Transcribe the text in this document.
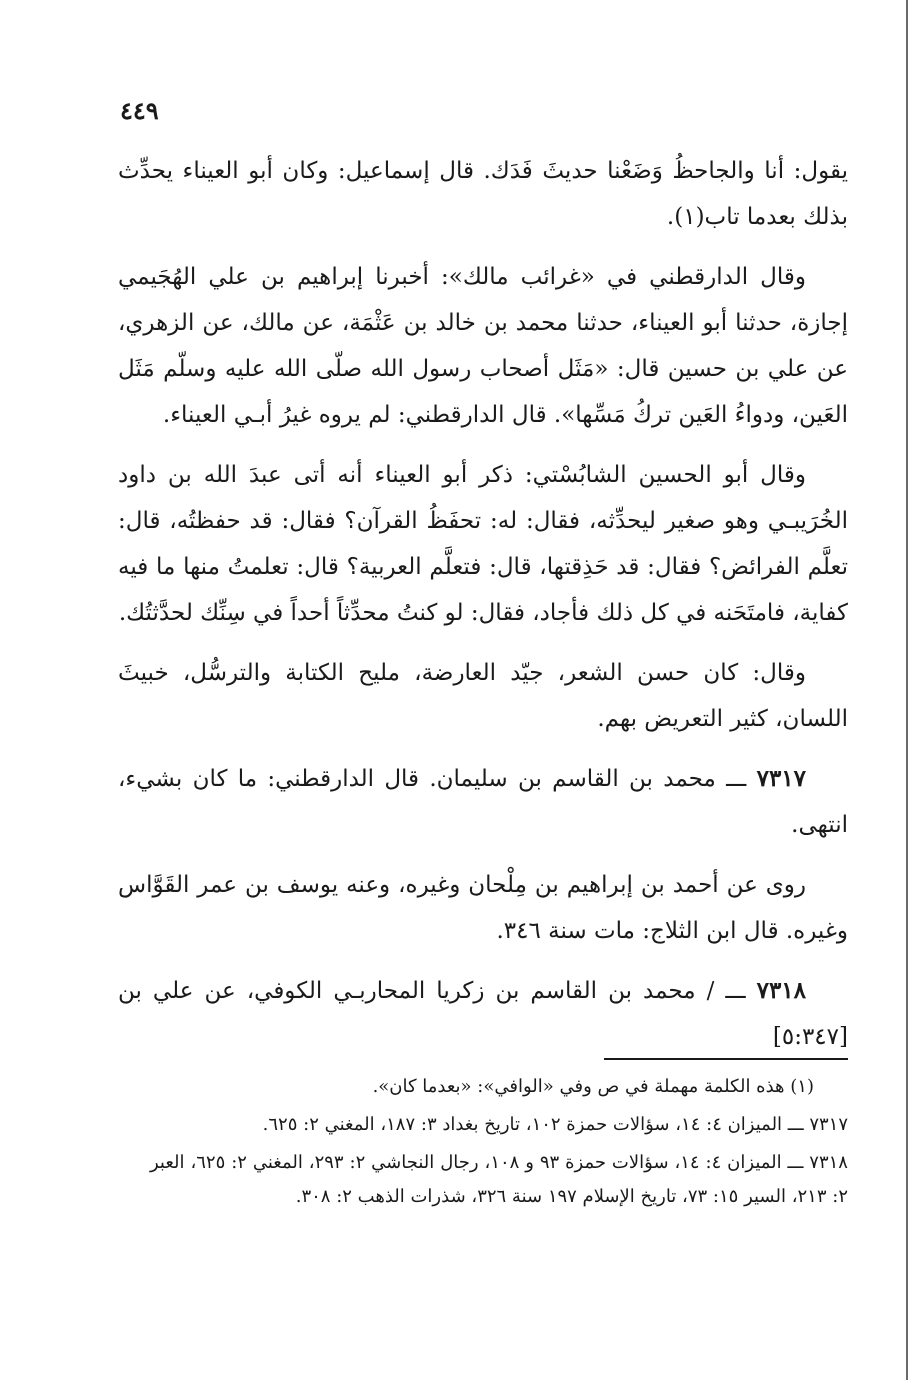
٤٤٩

يقول: أنا والجاحظُ وَضَعْنا حديثَ فَدَك. قال إسماعيل: وكان أبو العيناء يحدِّث بذلك بعدما تاب(١).

وقال الدارقطني في «غرائب مالك»: أخبرنا إبراهيم بن علي الهُجَيمي إجازة، حدثنا أبو العيناء، حدثنا محمد بن خالد بن عَثْمَة، عن مالك، عن الزهري، عن علي بن حسين قال: «مَثَل أصحاب رسول الله صلّى الله عليه وسلّم مَثَل العَين، ودواءُ العَين تركُ مَسِّها». قال الدارقطني: لم يروه غيرُ أبـي العيناء.

وقال أبو الحسين الشابُسْتي: ذكر أبو العيناء أنه أتى عبدَ الله بن داود الخُرَيبـي وهو صغير ليحدِّثه، فقال: له: تحفَظُ القرآن؟ فقال: قد حفظتُه، قال: تعلَّم الفرائض؟ فقال: قد حَذِقتها، قال: فتعلَّم العربية؟ قال: تعلمتُ منها ما فيه كفاية، فامتَحَنه في كل ذلك فأجاد، فقال: لو كنتُ محدِّثاً أحداً في سِنِّك لحدَّثتُك.

وقال: كان حسن الشعر، جيّد العارضة، مليح الكتابة والترسُّل، خبيثَ اللسان، كثير التعريض بهم.

٧٣١٧ ـــ محمد بن القاسم بن سليمان. قال الدارقطني: ما كان بشيء، انتهى.

روى عن أحمد بن إبراهيم بن مِلْحان وغيره، وعنه يوسف بن عمر القَوَّاس وغيره. قال ابن الثلاج: مات سنة ٣٤٦.

٧٣١٨ ـــ / محمد بن القاسم بن زكريا المحاربـي الكوفي، عن علي بن [٥:٣٤٧]

(١) هذه الكلمة مهملة في ص وفي «الوافي»: «بعدما كان».

٧٣١٧ ـــ الميزان ٤: ١٤، سؤالات حمزة ١٠٢، تاريخ بغداد ٣: ١٨٧، المغني ٢: ٦٢٥.

٧٣١٨ ـــ الميزان ٤: ١٤، سؤالات حمزة ٩٣ و ١٠٨، رجال النجاشي ٢: ٢٩٣، المغني ٢: ٦٢٥، العبر ٢: ٢١٣، السير ١٥: ٧٣، تاريخ الإسلام ١٩٧ سنة ٣٢٦، شذرات الذهب ٢: ٣٠٨.
